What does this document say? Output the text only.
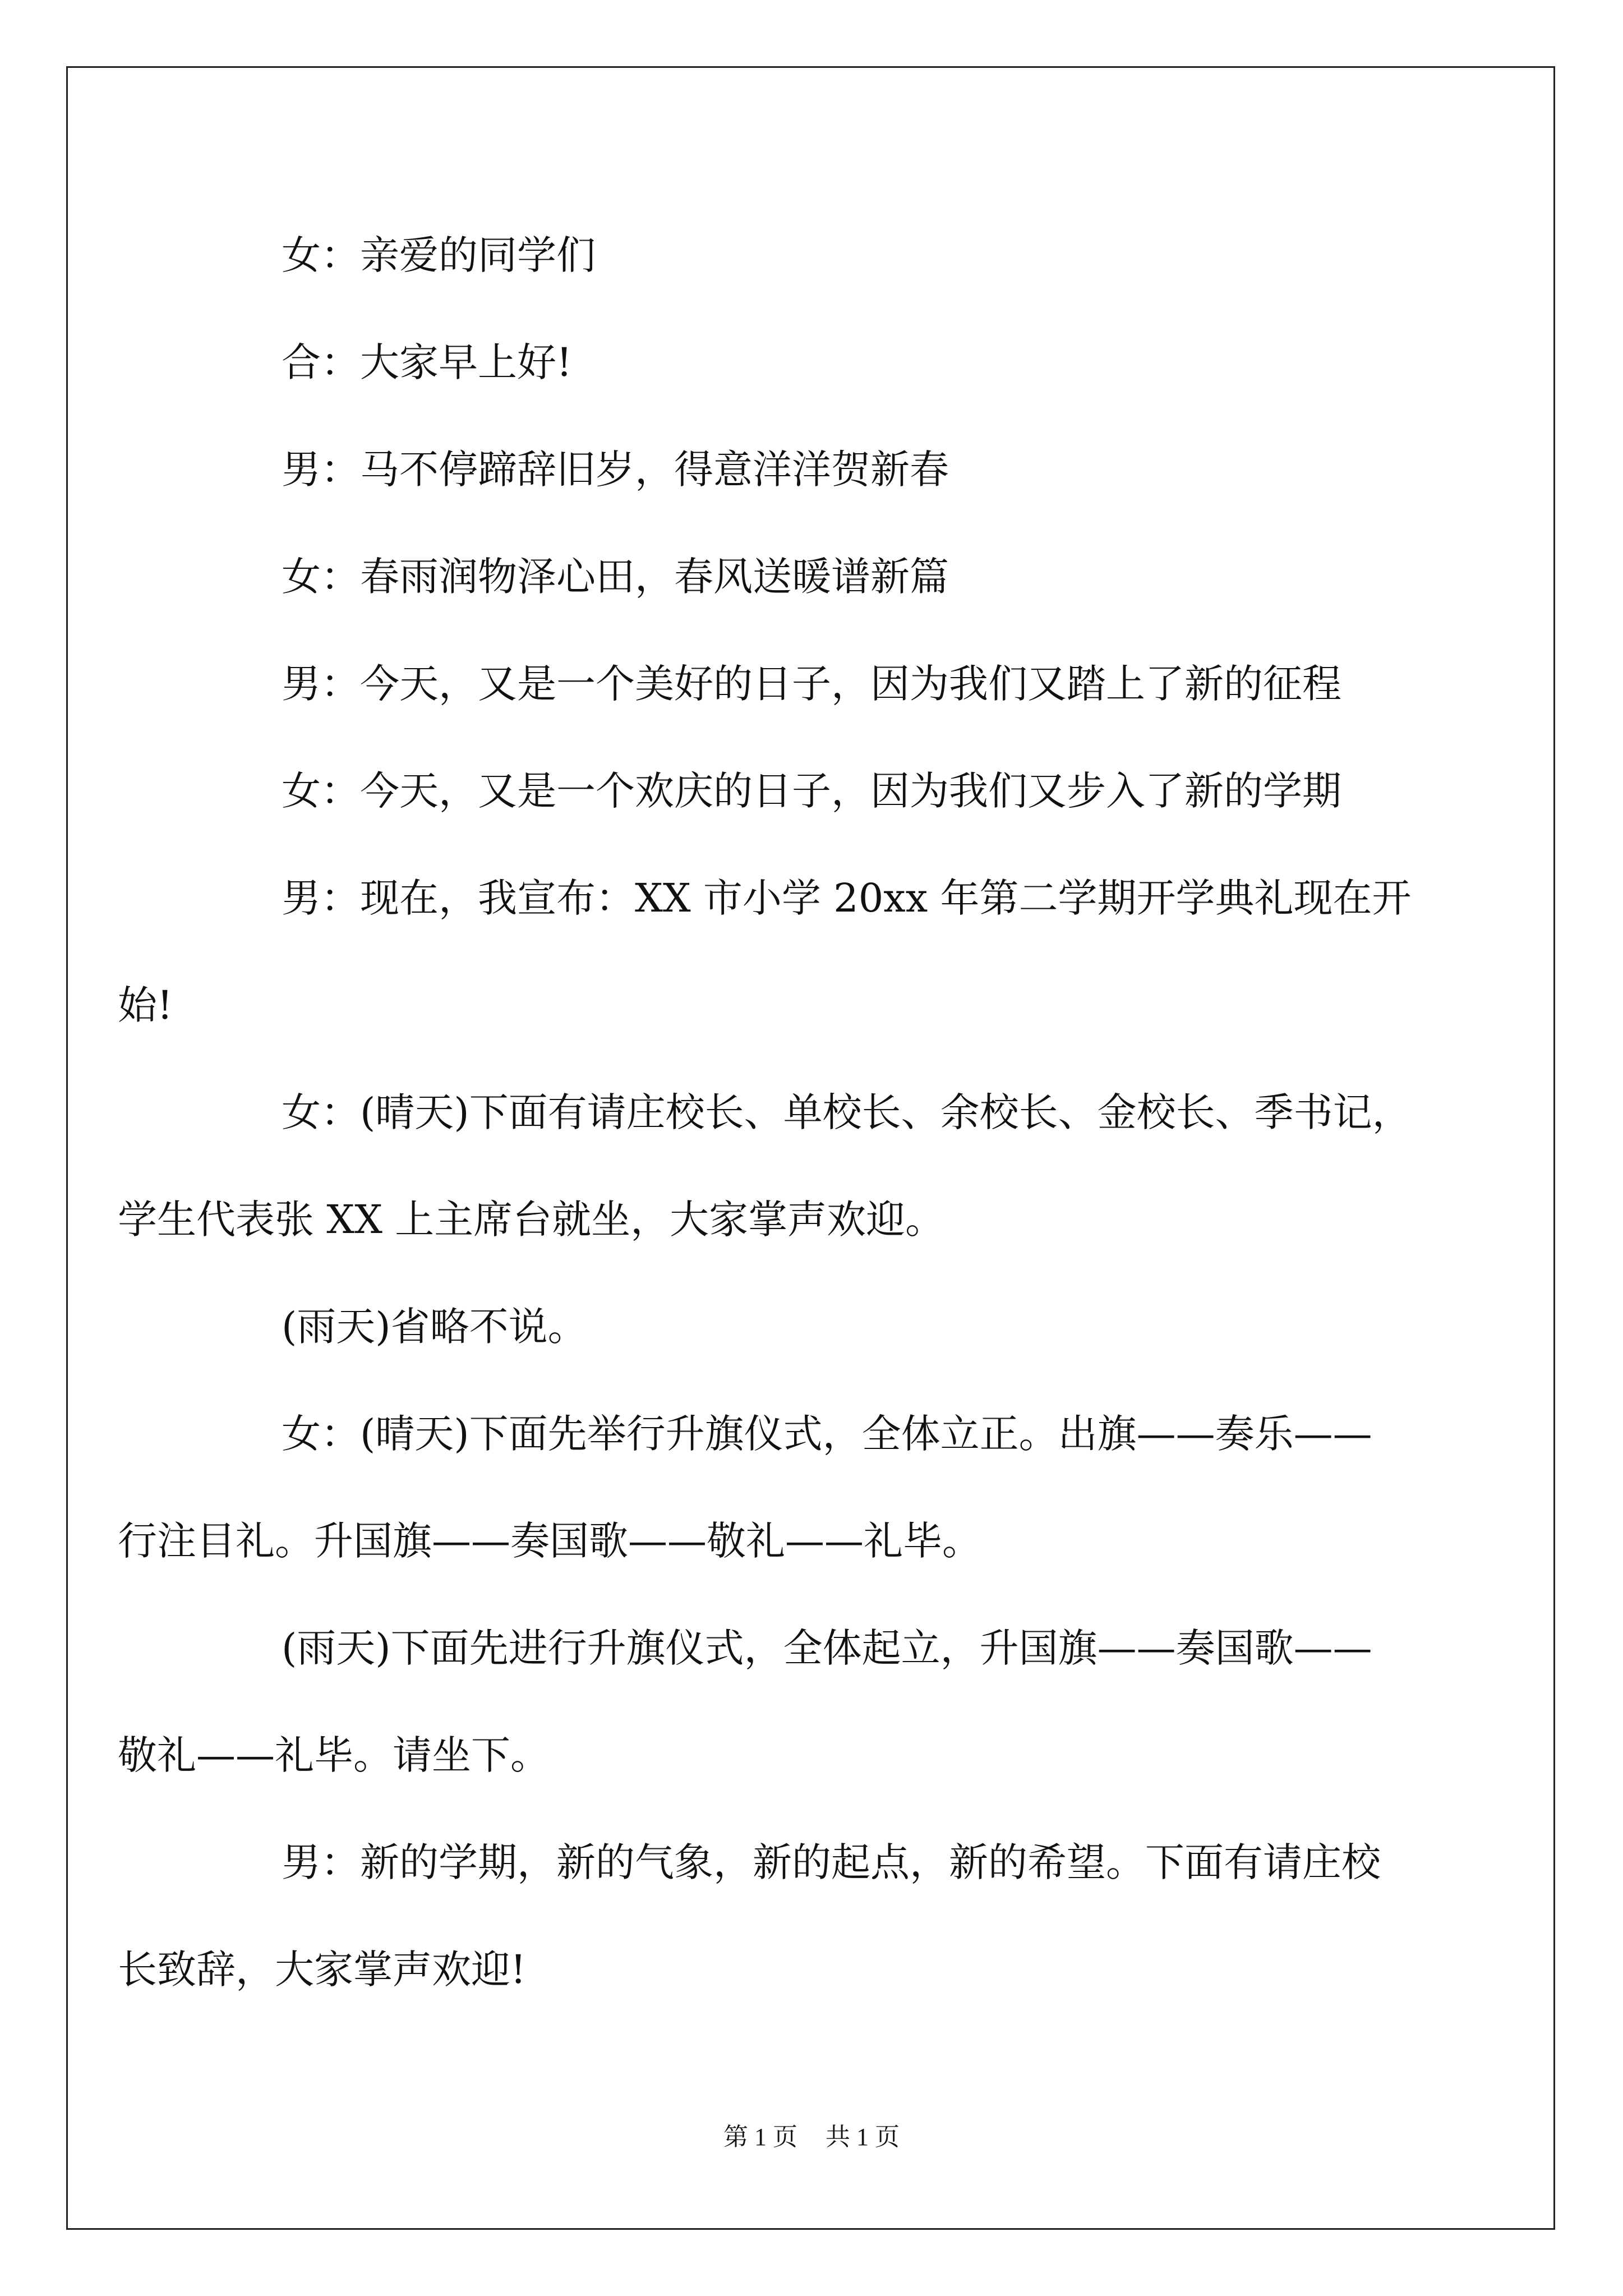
女：亲爱的同学们

合：大家早上好!

男：马不停蹄辞旧岁，得意洋洋贺新春

女：春雨润物泽心田，春风送暖谱新篇

男：今天，又是一个美好的日子，因为我们又踏上了新的征程

女：今天，又是一个欢庆的日子，因为我们又步入了新的学期

男：现在，我宣布：XX 市小学 20xx 年第二学期开学典礼现在开
始!

女：(晴天)下面有请庄校长、单校长、余校长、金校长、季书记，
学生代表张 XX 上主席台就坐，大家掌声欢迎。

(雨天)省略不说。

女：(晴天)下面先举行升旗仪式，全体立正。出旗——奏乐——
行注目礼。升国旗——奏国歌——敬礼——礼毕。

(雨天)下面先进行升旗仪式，全体起立，升国旗——奏国歌——
敬礼——礼毕。请坐下。

男：新的学期，新的气象，新的起点，新的希望。下面有请庄校
长致辞，大家掌声欢迎!

第 1 页 共 1 页
